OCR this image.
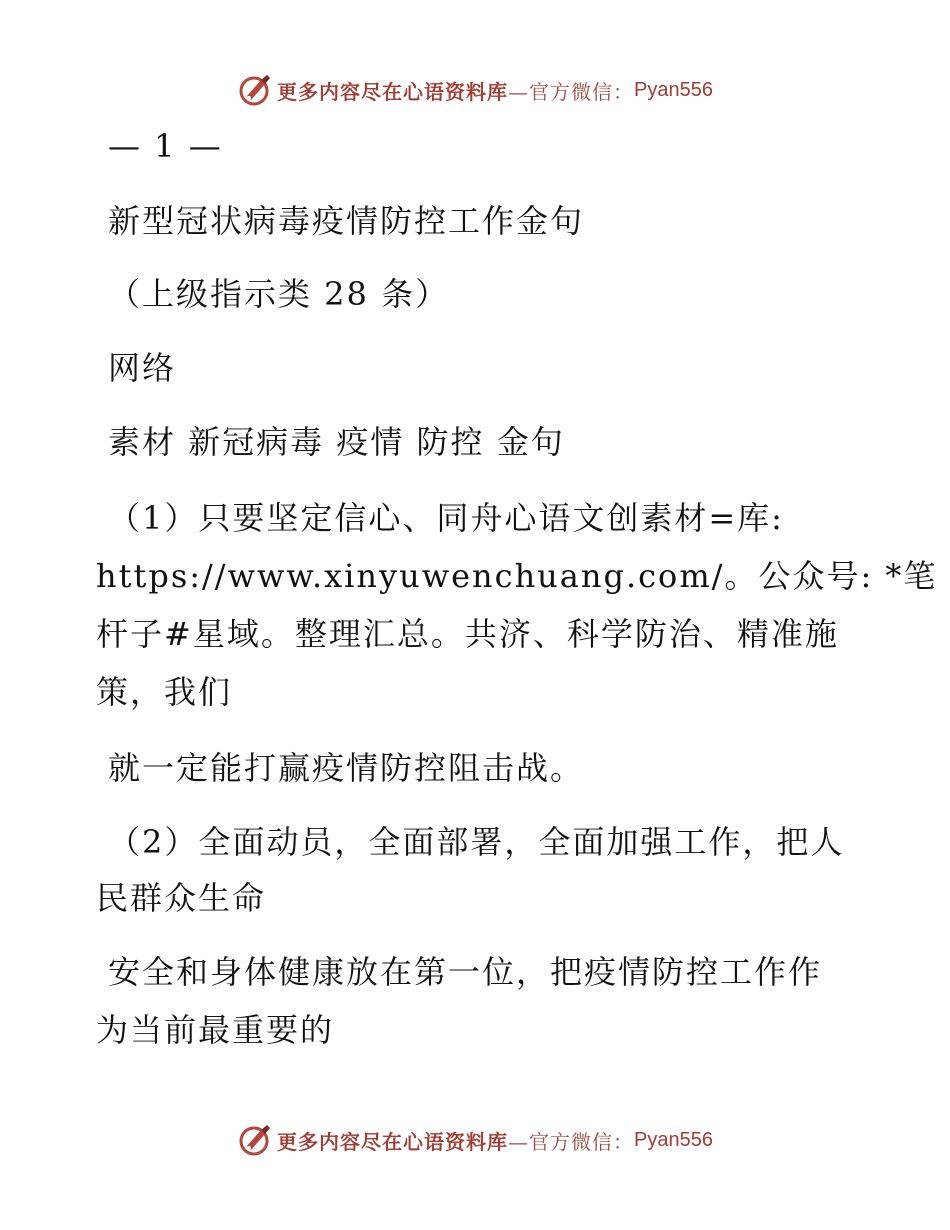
更多内容尽在心语资料库 —官方微信： Pyan556
— 1 —
新型冠状病毒疫情防控工作金句
（上级指示类 28 条）
网络
素材 新冠病毒 疫情 防控 金句
（1）只要坚定信心、同舟心语文创素材=库:
https://www.xinyuwenchuang.com/。公众号: *笔
杆子#星域。整理汇总。共济、科学防治、精准施
策，我们
就一定能打赢疫情防控阻击战。
（2）全面动员，全面部署，全面加强工作，把人
民群众生命
安全和身体健康放在第一位，把疫情防控工作作
为当前最重要的
更多内容尽在心语资料库 —官方微信： Pyan556
